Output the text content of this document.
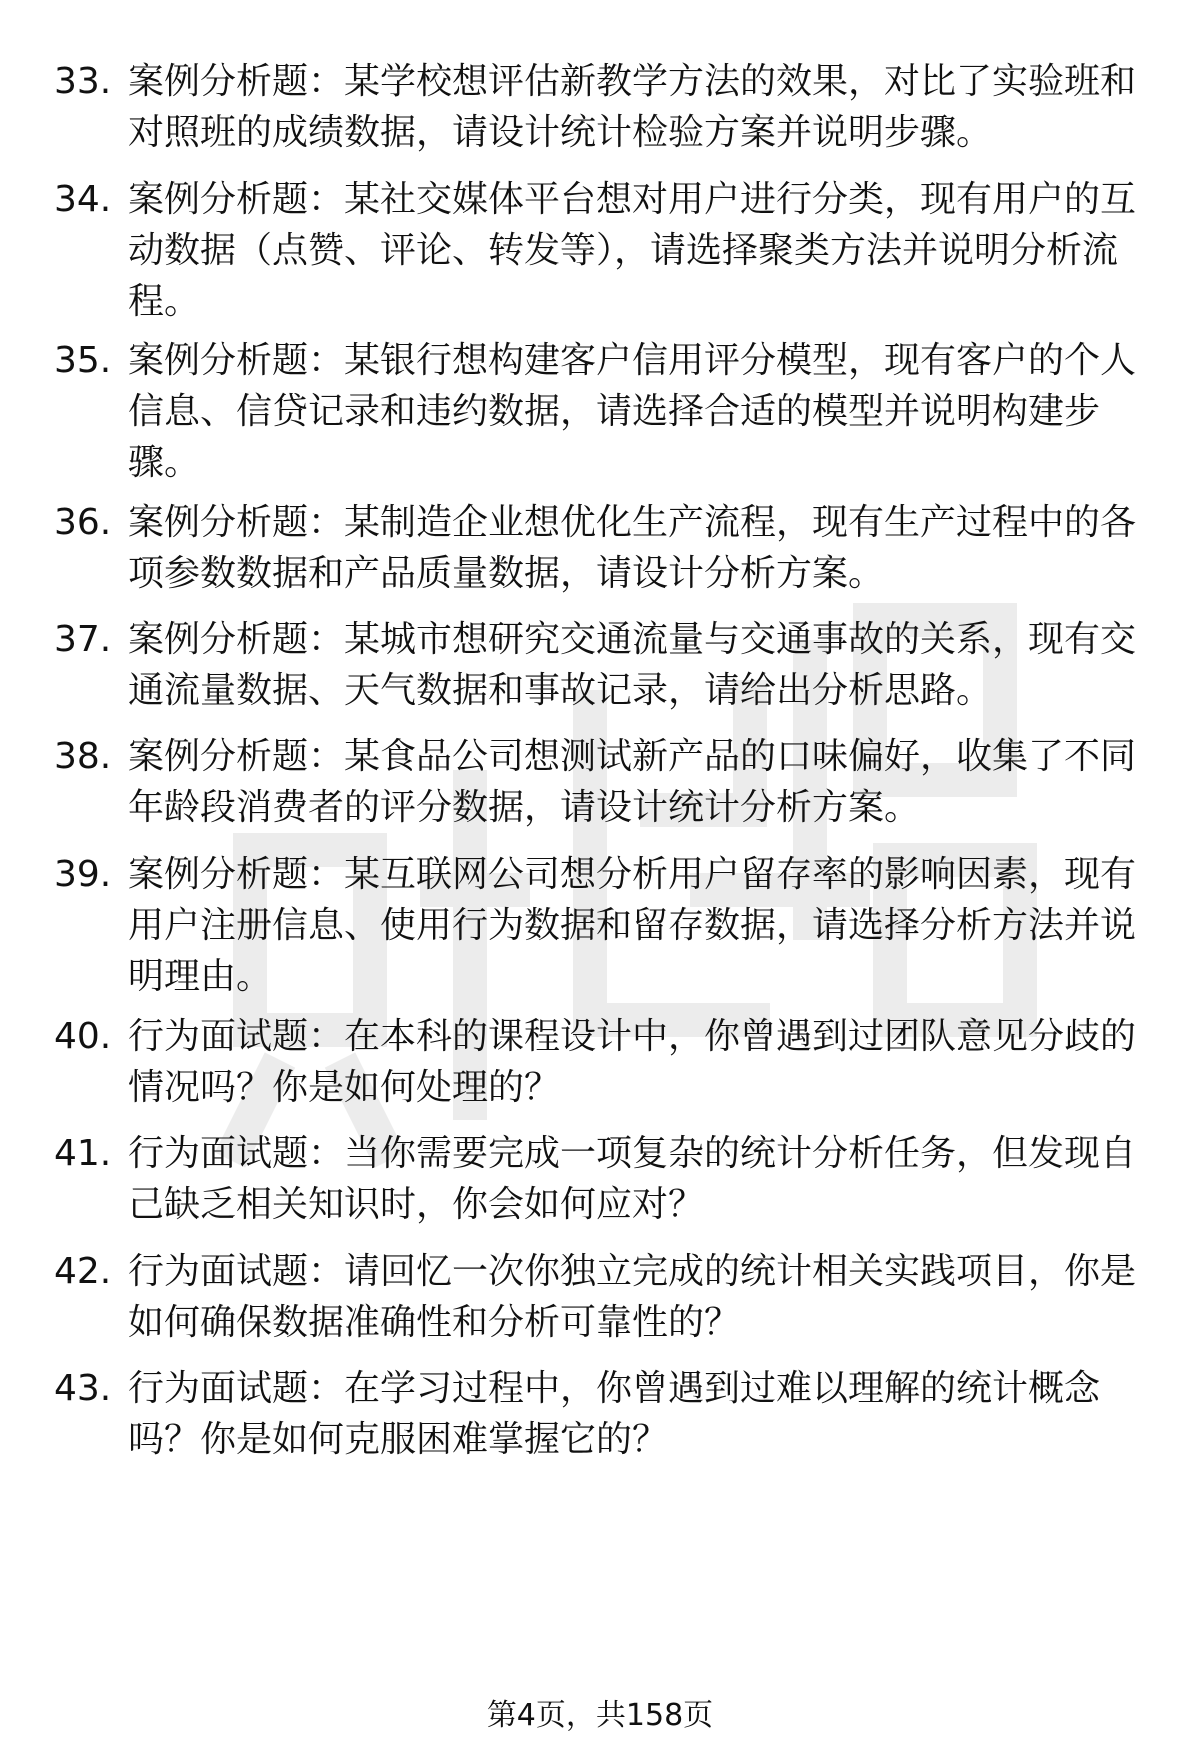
33. 案例分析题：某学校想评估新教学方法的效果，对比了实验班和对照班的成绩数据，请设计统计检验方案并说明步骤。
34. 案例分析题：某社交媒体平台想对用户进行分类，现有用户的互动数据（点赞、评论、转发等），请选择聚类方法并说明分析流程。
35. 案例分析题：某银行想构建客户信用评分模型，现有客户的个人信息、信贷记录和违约数据，请选择合适的模型并说明构建步骤。
36. 案例分析题：某制造企业想优化生产流程，现有生产过程中的各项参数数据和产品质量数据，请设计分析方案。
37. 案例分析题：某城市想研究交通流量与交通事故的关系，现有交通流量数据、天气数据和事故记录，请给出分析思路。
38. 案例分析题：某食品公司想测试新产品的口味偏好，收集了不同年龄段消费者的评分数据，请设计统计分析方案。
39. 案例分析题：某互联网公司想分析用户留存率的影响因素，现有用户注册信息、使用行为数据和留存数据，请选择分析方法并说明理由。
40. 行为面试题：在本科的课程设计中，你曾遇到过团队意见分歧的情况吗？你是如何处理的？
41. 行为面试题：当你需要完成一项复杂的统计分析任务，但发现自己缺乏相关知识时，你会如何应对？
42. 行为面试题：请回忆一次你独立完成的统计相关实践项目，你是如何确保数据准确性和分析可靠性的？
43. 行为面试题：在学习过程中，你曾遇到过难以理解的统计概念吗？你是如何克服困难掌握它的？
第4页，共158页
